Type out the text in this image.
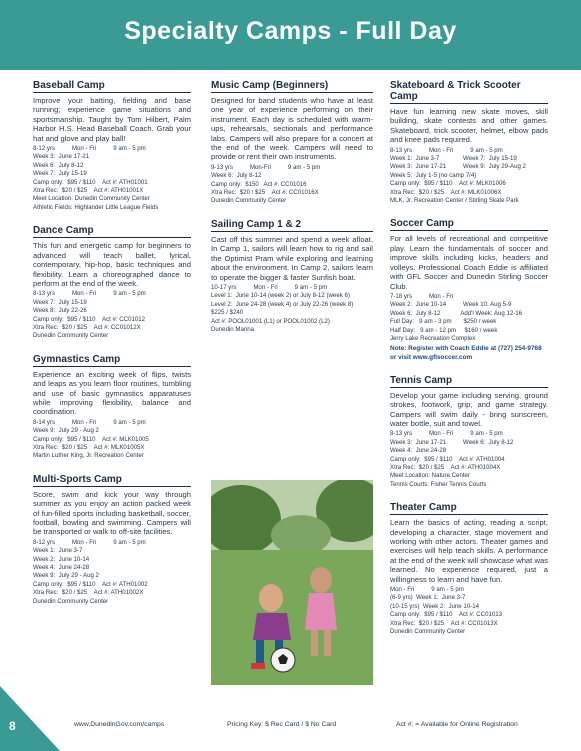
Specialty Camps - Full Day
Baseball Camp

Improve your batting, fielding and base running; experience game situations and sportsmanship. Taught by Tom Hilbert, Palm Harbor H.S. Head Baseball Coach. Grab your hat and glove and play ball!

8-12 yrs          Mon - Fri          9 am - 5 pm
Week 3:  June 17-21
Week 6:  July 8-12
Week 7:  July 15-19
Camp only:  $95 / $110    Act #: ATH01001
Xtra Rec:  $20 / $25    Act #: ATH01001X
Meet Location: Dunedin Community Center
Athletic Fields: Highlander Little League Fields
Dance Camp

This fun and energetic camp for beginners to advanced will teach ballet, lyrical, contemporary, hip-hop, basic techniques and flexibility. Learn a choreographed dance to perform at the end of the week.

8-13 yrs          Mon - Fri          9 am - 5 pm
Week 7:  July 15-19
Week 8:  July 22-26
Camp only:  $95 / $110    Act #: CC01012
Xtra Rec:  $20 / $25    Act #: CC01012X
Dunedin Community Center
Gymnastics Camp

Experience an exciting week of flips, twists and leaps as you learn floor routines, tumbling and use of basic gymnastics apparatuses while improving flexibility, balance and coordination.

8-14 yrs          Mon - Fri          9 am - 5 pm
Week 9:  July 29 - Aug 2
Camp only:  $95 / $110    Act #: MLK01005
Xtra Rec:  $20 / $25    Act #: MLK01005X
Martin Luther King, Jr. Recreation Center
Multi-Sports Camp

Score, swim and kick your way through summer as you enjoy an action packed week of fun-filled sports including basketball, soccer, football, bowling and swimming. Campers will be transported or walk to off-site facilities.

8-12 yrs          Mon - Fri          9 am - 5 pm
Week 1:  June 3-7
Week 2:  June 10-14
Week 4:  June 24-28
Week 9:  July 29 - Aug 2
Camp only:  $95 / $110    Act #: ATH01002
Xtra Rec:  $20 / $25    Act #: ATH01002X
Dunedin Community Center
Music Camp (Beginners)

Designed for band students who have at least one year of experience performing on their instrument. Each day is scheduled with warm-ups, rehearsals, sectionals and performance labs. Campers will also prepare for a concert at the end of the week. Campers will need to provide or rent their own instruments.

9-13 yrs          Mon-Fri          9 am - 5 pm
Week 6:  July 8-12
Camp only:  $150   Act #: CC01016
Xtra Rec:  $20 / $25    Act #: CC01016X
Dunedin Community Center
Sailing Camp 1 & 2

Cast off this summer and spend a week afloat. In Camp 1, sailors will learn how to rig and sail the Optimist Pram while exploring and learning about the environment. In Camp 2, sailors learn to operate the bigger & faster Sunfish boat.

10-17 yrs          Mon - Fri          9 am - 5 pm
Level 1:  June 10-14 (week 2) or July 8-12 (week 6)
Level 2:  June 24-28 (week 4) or July 22-26 (week 8)
$225 / $240
Act #: POOL01001 (L1) or POOL01002 (L2)
Dunedin Marina
Skateboard & Trick Scooter Camp

Have fun learning new skate moves, skill building, skate contests and other games. Skateboard, trick scooter, helmet, elbow pads and knee pads required.

8-13 yrs          Mon - Fri          9 am - 5 pm
Week 1:  June 3-7              Week 7:  July 15-19
Week 3:  June 17-21          Week 9:  July 29-Aug 2
Week 5:  July 1-5 (no camp 7/4)
Camp only:  $95 / $110    Act #: MLK01006
Xtra Rec:  $20 / $25    Act #: MLK01006X
MLK, Jr. Recreation Center / Stirling Skate Park
Soccer Camp

For all levels of recreational and competitive play. Learn the fundamentals of soccer and improve skills including kicks, headers and volleys. Professional Coach Eddie is affiliated with GFL Soccer and Dunedin Stirling Soccer Club.

7-18 yrs          Mon - Fri
Week 2:  June 10-14          Week 10: Aug 5-9
Week 6:  July 8-12            Add'l Week: Aug 12-16
Full Day:   9 am - 3 pm       $250 / week
Half Day:   9 am - 12 pm     $160 / week
Jerry Lake Recreation Complex
Note: Register with Coach Eddie at (727) 254-9768 or visit www.gflsoccer.com
Tennis Camp

Develop your game including serving, ground strokes, footwork, grip, and game strategy. Campers will swim daily - bring sunscreen, water bottle, suit and towel.

8-13 yrs          Mon - Fri          9 am - 5 pm
Week 3:  June 17-21          Week 6:  July 8-12
Week 4:  June 24-28
Camp only:  $95 / $110    Act #: ATH01004
Xtra Rec:  $20 / $25    Act #: ATH01004X
Meet Location: Nature Center
Tennis Courts: Fisher Tennis Courts
Theater Camp

Learn the basics of acting, reading a script, developing a character, stage movement and working with other actors. Theater games and exercises will help teach skills. A performance at the end of the week will showcase what was learned. No experience required, just a willingness to learn and have fun.

Mon - Fri          9 am - 5 pm
(6-9 yrs)  Week 1:  June 3-7
(10-15 yrs)  Week 2:  June 10-14
Camp only:  $95 / $110    Act #: CC01013
Xtra Rec:  $20 / $25    Act #: CC01013X
Dunedin Community Center
8	www.DunedinGov.com/camps	Pricing Key: $ Rec Card / $ No Card	Act #: = Available for Online Registration
